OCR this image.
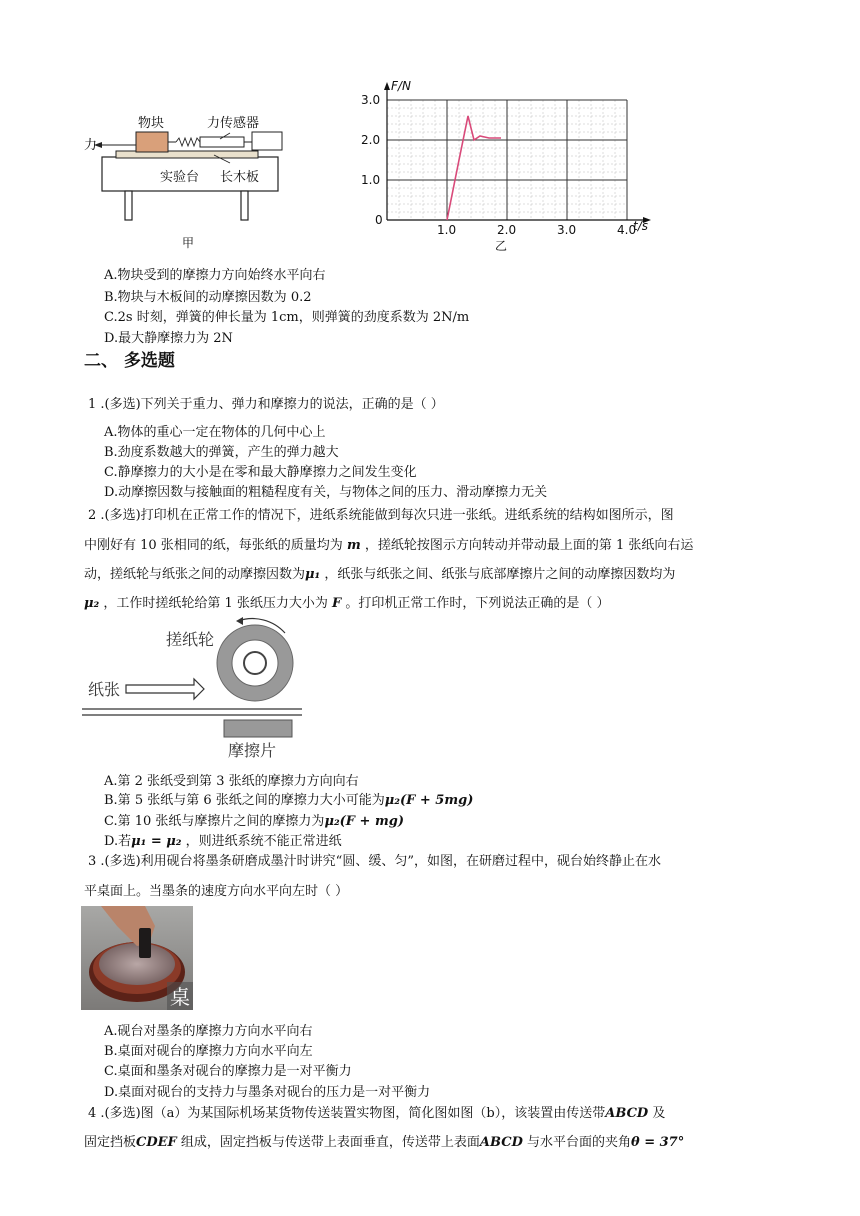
物块	力传感器
力
实验台 长木板
甲
1.0	2.0	3.0	4.0
0
1.0
2.0
3.0
F/N
t/s
乙
A.物块受到的摩擦力方向始终水平向右
B.物块与木板间的动摩擦因数为 0.2
C.2s 时刻，弹簧的伸长量为 1cm，则弹簧的劲度系数为 2N/m
D.最大静摩擦力为 2N
二、 多选题
1 .(多选)下列关于重力、弹力和摩擦力的说法，正确的是（ ）
A.物体的重心一定在物体的几何中心上
B.劲度系数越大的弹簧，产生的弹力越大
C.静摩擦力的大小是在零和最大静摩擦力之间发生变化
D.动摩擦因数与接触面的粗糙程度有关，与物体之间的压力、滑动摩擦力无关
2 .(多选)打印机在正常工作的情况下，进纸系统能做到每次只进一张纸。进纸系统的结构如图所示，图
中刚好有 10 张相同的纸，每张纸的质量均为 m ，搓纸轮按图示方向转动并带动最上面的第 1 张纸向右运
动，搓纸轮与纸张之间的动摩擦因数为μ₁ ，纸张与纸张之间、纸张与底部摩擦片之间的动摩擦因数均为
μ₂ ，工作时搓纸轮给第 1 张纸压力大小为 F 。打印机正常工作时，下列说法正确的是（ ）
搓纸轮
纸张
摩擦片
A.第 2 张纸受到第 3 张纸的摩擦力方向向右
B.第 5 张纸与第 6 张纸之间的摩擦力大小可能为μ₂(F + 5mg)
C.第 10 张纸与摩擦片之间的摩擦力为μ₂(F + mg)
D.若μ₁ = μ₂ ，则进纸系统不能正常进纸
3 .(多选)利用砚台将墨条研磨成墨汁时讲究“圆、缓、匀”，如图，在研磨过程中，砚台始终静止在水
平桌面上。当墨条的速度方向水平向左时（ ）
桌
A.砚台对墨条的摩擦力方向水平向右
B.桌面对砚台的摩擦力方向水平向左
C.桌面和墨条对砚台的摩擦力是一对平衡力
D.桌面对砚台的支持力与墨条对砚台的压力是一对平衡力
4 .(多选)图（a）为某国际机场某货物传送装置实物图，简化图如图（b），该装置由传送带ABCD 及
固定挡板CDEF 组成，固定挡板与传送带上表面垂直，传送带上表面ABCD 与水平台面的夹角θ = 37°
